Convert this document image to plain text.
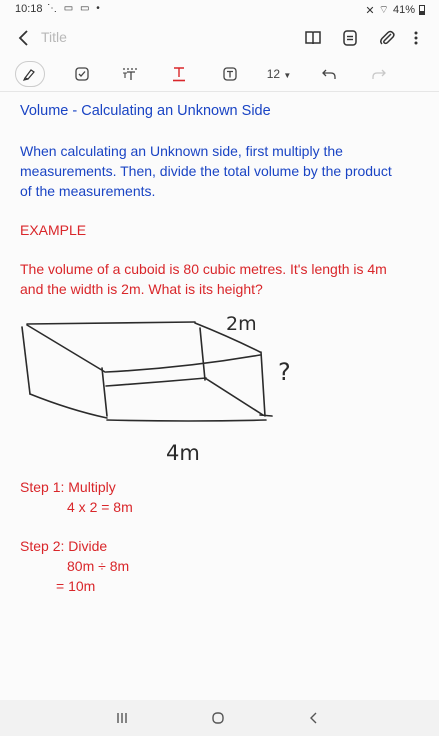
10:18 ⋱ ▭ ▭ •	✕ ⌔ 41%
Title
12 ▼
Volume - Calculating an Unknown Side
When calculating an Unknown side, first multiply the
measurements. Then, divide the total volume by the product
of the measurements.
EXAMPLE
The volume of a cuboid is 80 cubic metres. It's length is 4m
and the width is 2m. What is its height?
2m
?
4m
Step 1: Multiply
4 x 2 = 8m
Step 2: Divide
80m ÷ 8m
= 10m
